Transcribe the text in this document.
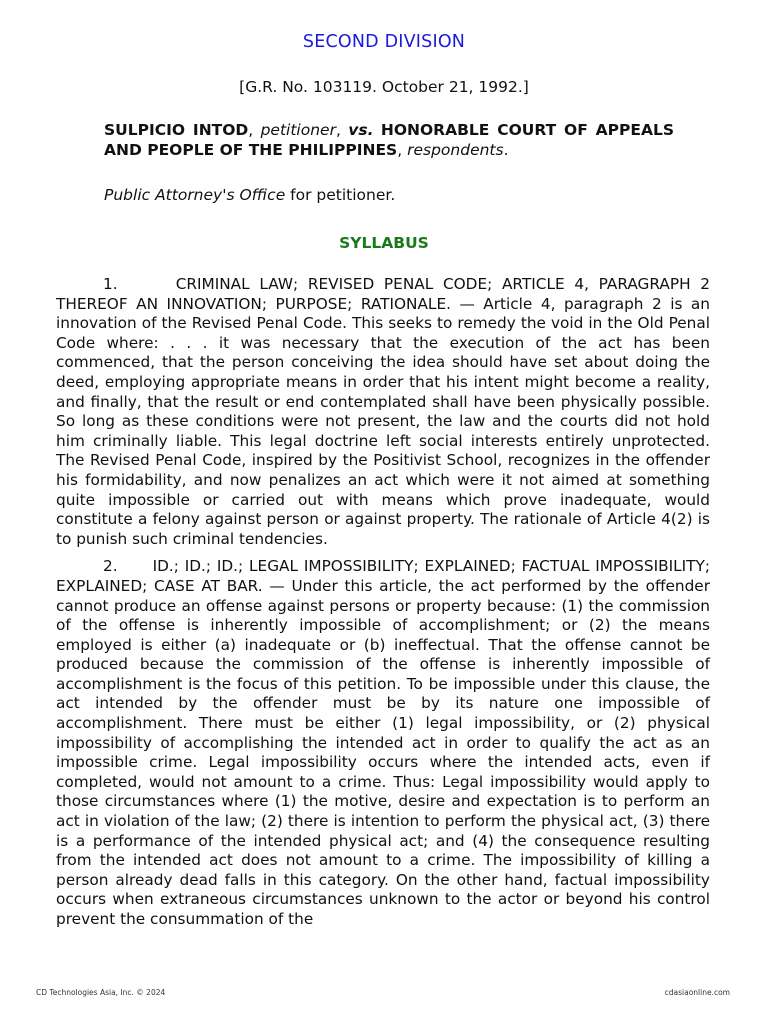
SECOND DIVISION
[G.R. No. 103119. October 21, 1992.]
SULPICIO INTOD, petitioner, vs. HONORABLE COURT OF APPEALS AND PEOPLE OF THE PHILIPPINES, respondents.
Public Attorney's Office for petitioner.
SYLLABUS

1.      CRIMINAL LAW; REVISED PENAL CODE; ARTICLE 4, PARAGRAPH 2 THEREOF AN INNOVATION; PURPOSE; RATIONALE. — Article 4, paragraph 2 is an innovation of the Revised Penal Code. This seeks to remedy the void in the Old Penal Code where: . . . it was necessary that the execution of the act has been commenced, that the person conceiving the idea should have set about doing the deed, employing appropriate means in order that his intent might become a reality, and finally, that the result or end contemplated shall have been physically possible. So long as these conditions were not present, the law and the courts did not hold him criminally liable. This legal doctrine left social interests entirely unprotected. The Revised Penal Code, inspired by the Positivist School, recognizes in the offender his formidability, and now penalizes an act which were it not aimed at something quite impossible or carried out with means which prove inadequate, would constitute a felony against person or against property. The rationale of Article 4(2) is to punish such criminal tendencies.

2.      ID.; ID.; ID.; LEGAL IMPOSSIBILITY; EXPLAINED; FACTUAL IMPOSSIBILITY; EXPLAINED; CASE AT BAR. — Under this article, the act performed by the offender cannot produce an offense against persons or property because: (1) the commission of the offense is inherently impossible of accomplishment; or (2) the means employed is either (a) inadequate or (b) ineffectual. That the offense cannot be produced because the commission of the offense is inherently impossible of accomplishment is the focus of this petition. To be impossible under this clause, the act intended by the offender must be by its nature one impossible of accomplishment. There must be either (1) legal impossibility, or (2) physical impossibility of accomplishing the intended act in order to qualify the act as an impossible crime. Legal impossibility occurs where the intended acts, even if completed, would not amount to a crime. Thus: Legal impossibility would apply to those circumstances where (1) the motive, desire and expectation is to perform an act in violation of the law; (2) there is intention to perform the physical act, (3) there is a performance of the intended physical act; and (4) the consequence resulting from the intended act does not amount to a crime. The impossibility of killing a person already dead falls in this category. On the other hand, factual impossibility occurs when extraneous circumstances unknown to the actor or beyond his control prevent the consummation of the

CD Technologies Asia, Inc. © 2024	cdasiaonline.com
